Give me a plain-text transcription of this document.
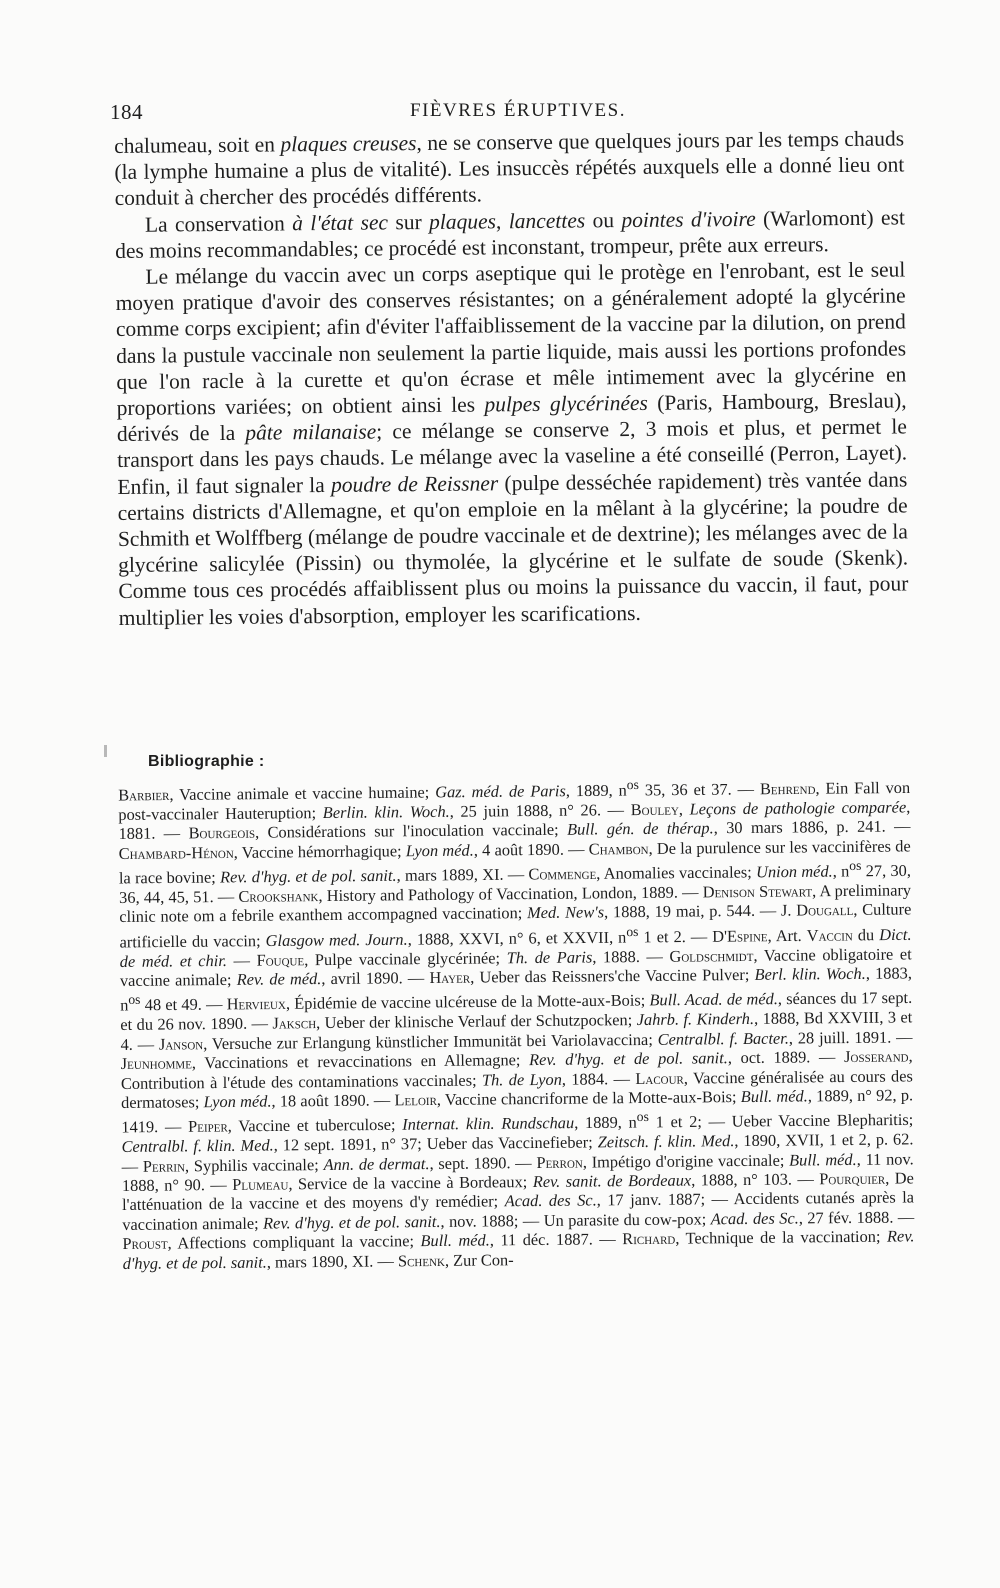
184	FIÈVRES ÉRUPTIVES.

chalumeau, soit en plaques creuses, ne se conserve que quelques jours par les temps chauds (la lymphe humaine a plus de vitalité). Les insuccès répétés auxquels elle a donné lieu ont conduit à chercher des procédés différents.

La conservation à l'état sec sur plaques, lancettes ou pointes d'ivoire (Warlomont) est des moins recommandables; ce procédé est inconstant, trompeur, prête aux erreurs.

Le mélange du vaccin avec un corps aseptique qui le protège en l'enrobant, est le seul moyen pratique d'avoir des conserves résistantes; on a généralement adopté la glycérine comme corps excipient; afin d'éviter l'affaiblissement de la vaccine par la dilution, on prend dans la pustule vaccinale non seulement la partie liquide, mais aussi les portions profondes que l'on racle à la curette et qu'on écrase et mêle intimement avec la glycérine en proportions variées; on obtient ainsi les pulpes glycérinées (Paris, Hambourg, Breslau), dérivés de la pâte milanaise; ce mélange se conserve 2, 3 mois et plus, et permet le transport dans les pays chauds. Le mélange avec la vaseline a été conseillé (Perron, Layet). Enfin, il faut signaler la poudre de Reissner (pulpe desséchée rapidement) très vantée dans certains districts d'Allemagne, et qu'on emploie en la mêlant à la glycérine; la poudre de Schmith et Wolffberg (mélange de poudre vaccinale et de dextrine); les mélanges avec de la glycérine salicylée (Pissin) ou thymolée, la glycérine et le sulfate de soude (Skenk). Comme tous ces procédés affaiblissent plus ou moins la puissance du vaccin, il faut, pour multiplier les voies d'absorption, employer les scarifications.

Bibliographie :

Barbier, Vaccine animale et vaccine humaine; Gaz. méd. de Paris, 1889, $n^{os}$ 35, 36 et 37. — Behrend, Ein Fall von post-vaccinaler Hauteruption; Berlin. klin. Woch., 25 juin 1888, n° 26. — Bouley, Leçons de pathologie comparée, 1881. — Bourgeois, Considérations sur l'inoculation vaccinale; Bull. gén. de thérap., 30 mars 1886, p. 241. — Chambard-Hénon, Vaccine hémorrhagique; Lyon méd., 4 août 1890. — Chambon, De la purulence sur les vaccinifères de la race bovine; Rev. d'hyg. et de pol. sanit., mars 1889, XI. — Commenge, Anomalies vaccinales; Union méd., $n^{os}$ 27, 30, 36, 44, 45, 51. — Crookshank, History and Pathology of Vaccination, London, 1889. — Denison Stewart, A preliminary clinic note om a febrile exanthem accompagned vaccination; Med. New's, 1888, 19 mai, p. 544. — J. Dougall, Culture artificielle du vaccin; Glasgow med. Journ., 1888, XXVI, n° 6, et XXVII, $n^{os}$ 1 et 2. — D'Espine, Art. Vaccin du Dict. de méd. et chir. — Fouque, Pulpe vaccinale glycérinée; Th. de Paris, 1888. — Goldschmidt, Vaccine obligatoire et vaccine animale; Rev. de méd., avril 1890. — Hayer, Ueber das Reissners'che Vaccine Pulver; Berl. klin. Woch., 1883, $n^{os}$ 48 et 49. — Hervieux, Épidémie de vaccine ulcéreuse de la Motte-aux-Bois; Bull. Acad. de méd., séances du 17 sept. et du 26 nov. 1890. — Jaksch, Ueber der klinische Verlauf der Schutzpocken; Jahrb. f. Kinderh., 1888, Bd XXVIII, 3 et 4. — Janson, Versuche zur Erlangung künstlicher Immunität bei Variolavaccina; Centralbl. f. Bacter., 28 juill. 1891. — Jeunhomme, Vaccinations et revaccinations en Allemagne; Rev. d'hyg. et de pol. sanit., oct. 1889. — Josserand, Contribution à l'étude des contaminations vaccinales; Th. de Lyon, 1884. — Lacour, Vaccine généralisée au cours des dermatoses; Lyon méd., 18 août 1890. — Leloir, Vaccine chancriforme de la Motte-aux-Bois; Bull. méd., 1889, n° 92, p. 1419. — Peiper, Vaccine et tuberculose; Internat. klin. Rundschau, 1889, $n^{os}$ 1 et 2; — Ueber Vaccine Blepharitis; Centralbl. f. klin. Med., 12 sept. 1891, n° 37; Ueber das Vaccinefieber; Zeitsch. f. klin. Med., 1890, XVII, 1 et 2, p. 62. — Perrin, Syphilis vaccinale; Ann. de dermat., sept. 1890. — Perron, Impétigo d'origine vaccinale; Bull. méd., 11 nov. 1888, n° 90. — Plumeau, Service de la vaccine à Bordeaux; Rev. sanit. de Bordeaux, 1888, n° 103. — Pourquier, De l'atténuation de la vaccine et des moyens d'y remédier; Acad. des Sc., 17 janv. 1887; — Accidents cutanés après la vaccination animale; Rev. d'hyg. et de pol. sanit., nov. 1888; — Un parasite du cow-pox; Acad. des Sc., 27 fév. 1888. — Proust, Affections compliquant la vaccine; Bull. méd., 11 déc. 1887. — Richard, Technique de la vaccination; Rev. d'hyg. et de pol. sanit., mars 1890, XI. — Schenk, Zur Con-
